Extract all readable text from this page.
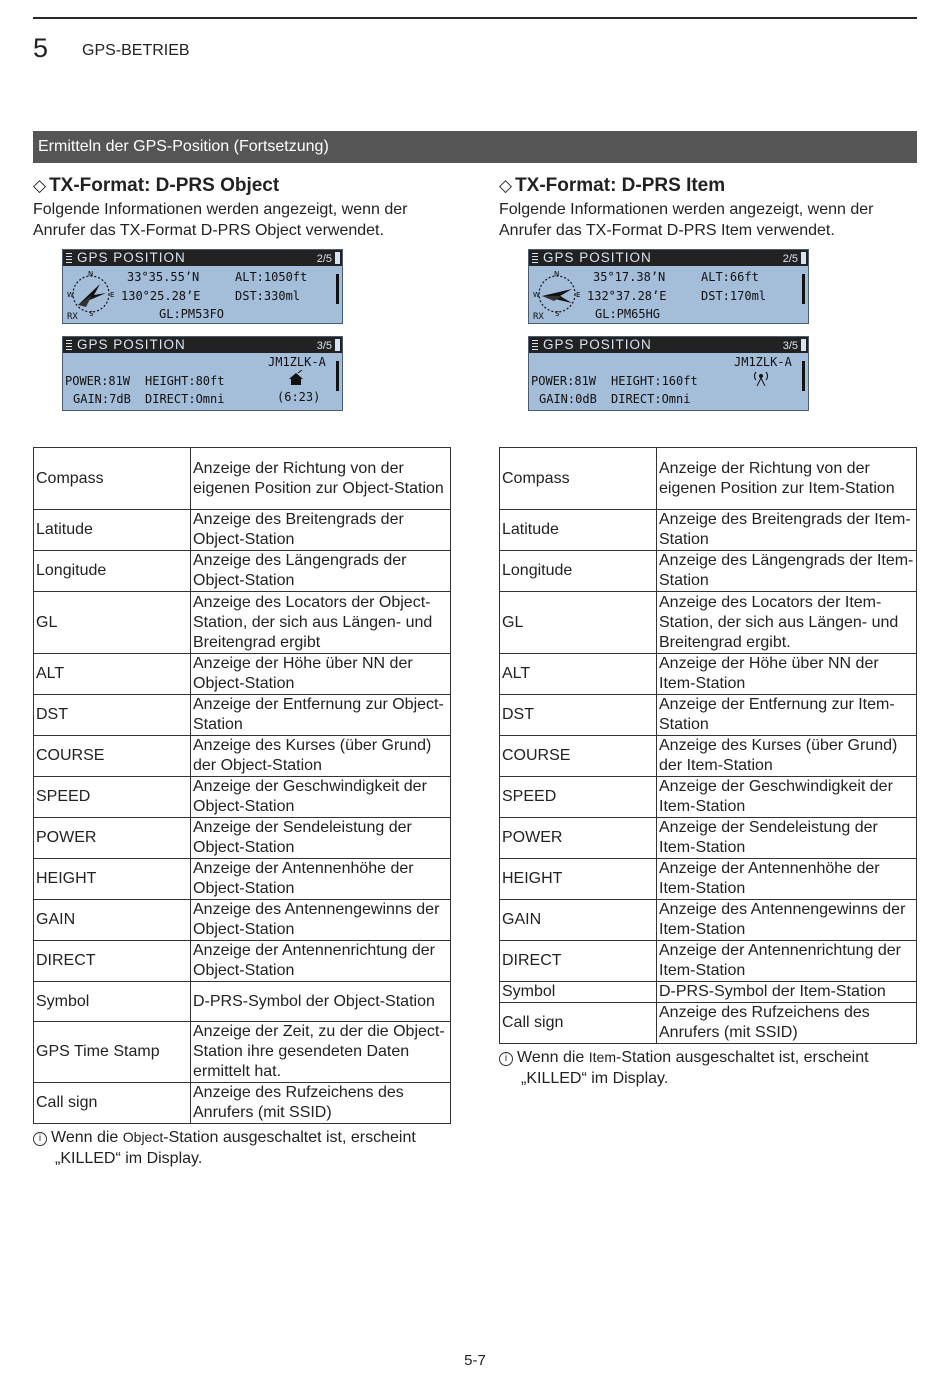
5 GPS-BETRIEB
Ermitteln der GPS-Position (Fortsetzung)
◇ TX-Format: D-PRS Object
Folgende Informationen werden angezeigt, wenn der
Anrufer das TX-Format D-PRS Object verwendet.
GPS POSITION	2/5
N
W	E
S
RX
33°35.55’N
130°25.28’E
GL:PM53FO
ALT:1050ft
DST:330ml
GPS POSITION	3/5
JM1ZLK-A
POWER:81W HEIGHT:80ft
GAIN:7dB DIRECT:Omni	(6:23)
Compass	Anzeige der Richtung von der eigenen Position zur Object-Station
Latitude	Anzeige des Breitengrads der Object-Station
Longitude	Anzeige des Längengrads der Object-Station
GL	Anzeige des Locators der Object-Station, der sich aus Längen- und Breitengrad ergibt
ALT	Anzeige der Höhe über NN der Object-Station
DST	Anzeige der Entfernung zur Object-Station
COURSE	Anzeige des Kurses (über Grund) der Object-Station
SPEED	Anzeige der Geschwindigkeit der Object-Station
POWER	Anzeige der Sendeleistung der Object-Station
HEIGHT	Anzeige der Antennenhöhe der Object-Station
GAIN	Anzeige des Antennengewinns der Object-Station
DIRECT	Anzeige der Antennenrichtung der Object-Station
Symbol	D-PRS-Symbol der Object-Station
GPS Time Stamp	Anzeige der Zeit, zu der die Object-Station ihre gesendeten Daten ermittelt hat.
Call sign	Anzeige des Rufzeichens des Anrufers (mit SSID)
i Wenn die Object-Station ausgeschaltet ist, erscheint
„KILLED“ im Display.
◇ TX-Format: D-PRS Item
Folgende Informationen werden angezeigt, wenn der
Anrufer das TX-Format D-PRS Item verwendet.
GPS POSITION	2/5
N
W	E
S
RX
35°17.38’N
132°37.28’E
GL:PM65HG
ALT:66ft
DST:170ml
GPS POSITION	3/5
JM1ZLK-A
POWER:81W HEIGHT:160ft
GAIN:0dB DIRECT:Omni
Compass	Anzeige der Richtung von der eigenen Position zur Item-Station
Latitude	Anzeige des Breitengrads der Item-Station
Longitude	Anzeige des Längengrads der Item-Station
GL	Anzeige des Locators der Item-Station, der sich aus Längen- und Breitengrad ergibt.
ALT	Anzeige der Höhe über NN der Item-Station
DST	Anzeige der Entfernung zur Item-Station
COURSE	Anzeige des Kurses (über Grund) der Item-Station
SPEED	Anzeige der Geschwindigkeit der Item-Station
POWER	Anzeige der Sendeleistung der Item-Station
HEIGHT	Anzeige der Antennenhöhe der Item-Station
GAIN	Anzeige des Antennengewinns der Item-Station
DIRECT	Anzeige der Antennenrichtung der Item-Station
Symbol	D-PRS-Symbol der Item-Station
Call sign	Anzeige des Rufzeichens des Anrufers (mit SSID)
i Wenn die Item-Station ausgeschaltet ist, erscheint
„KILLED“ im Display.
5-7
